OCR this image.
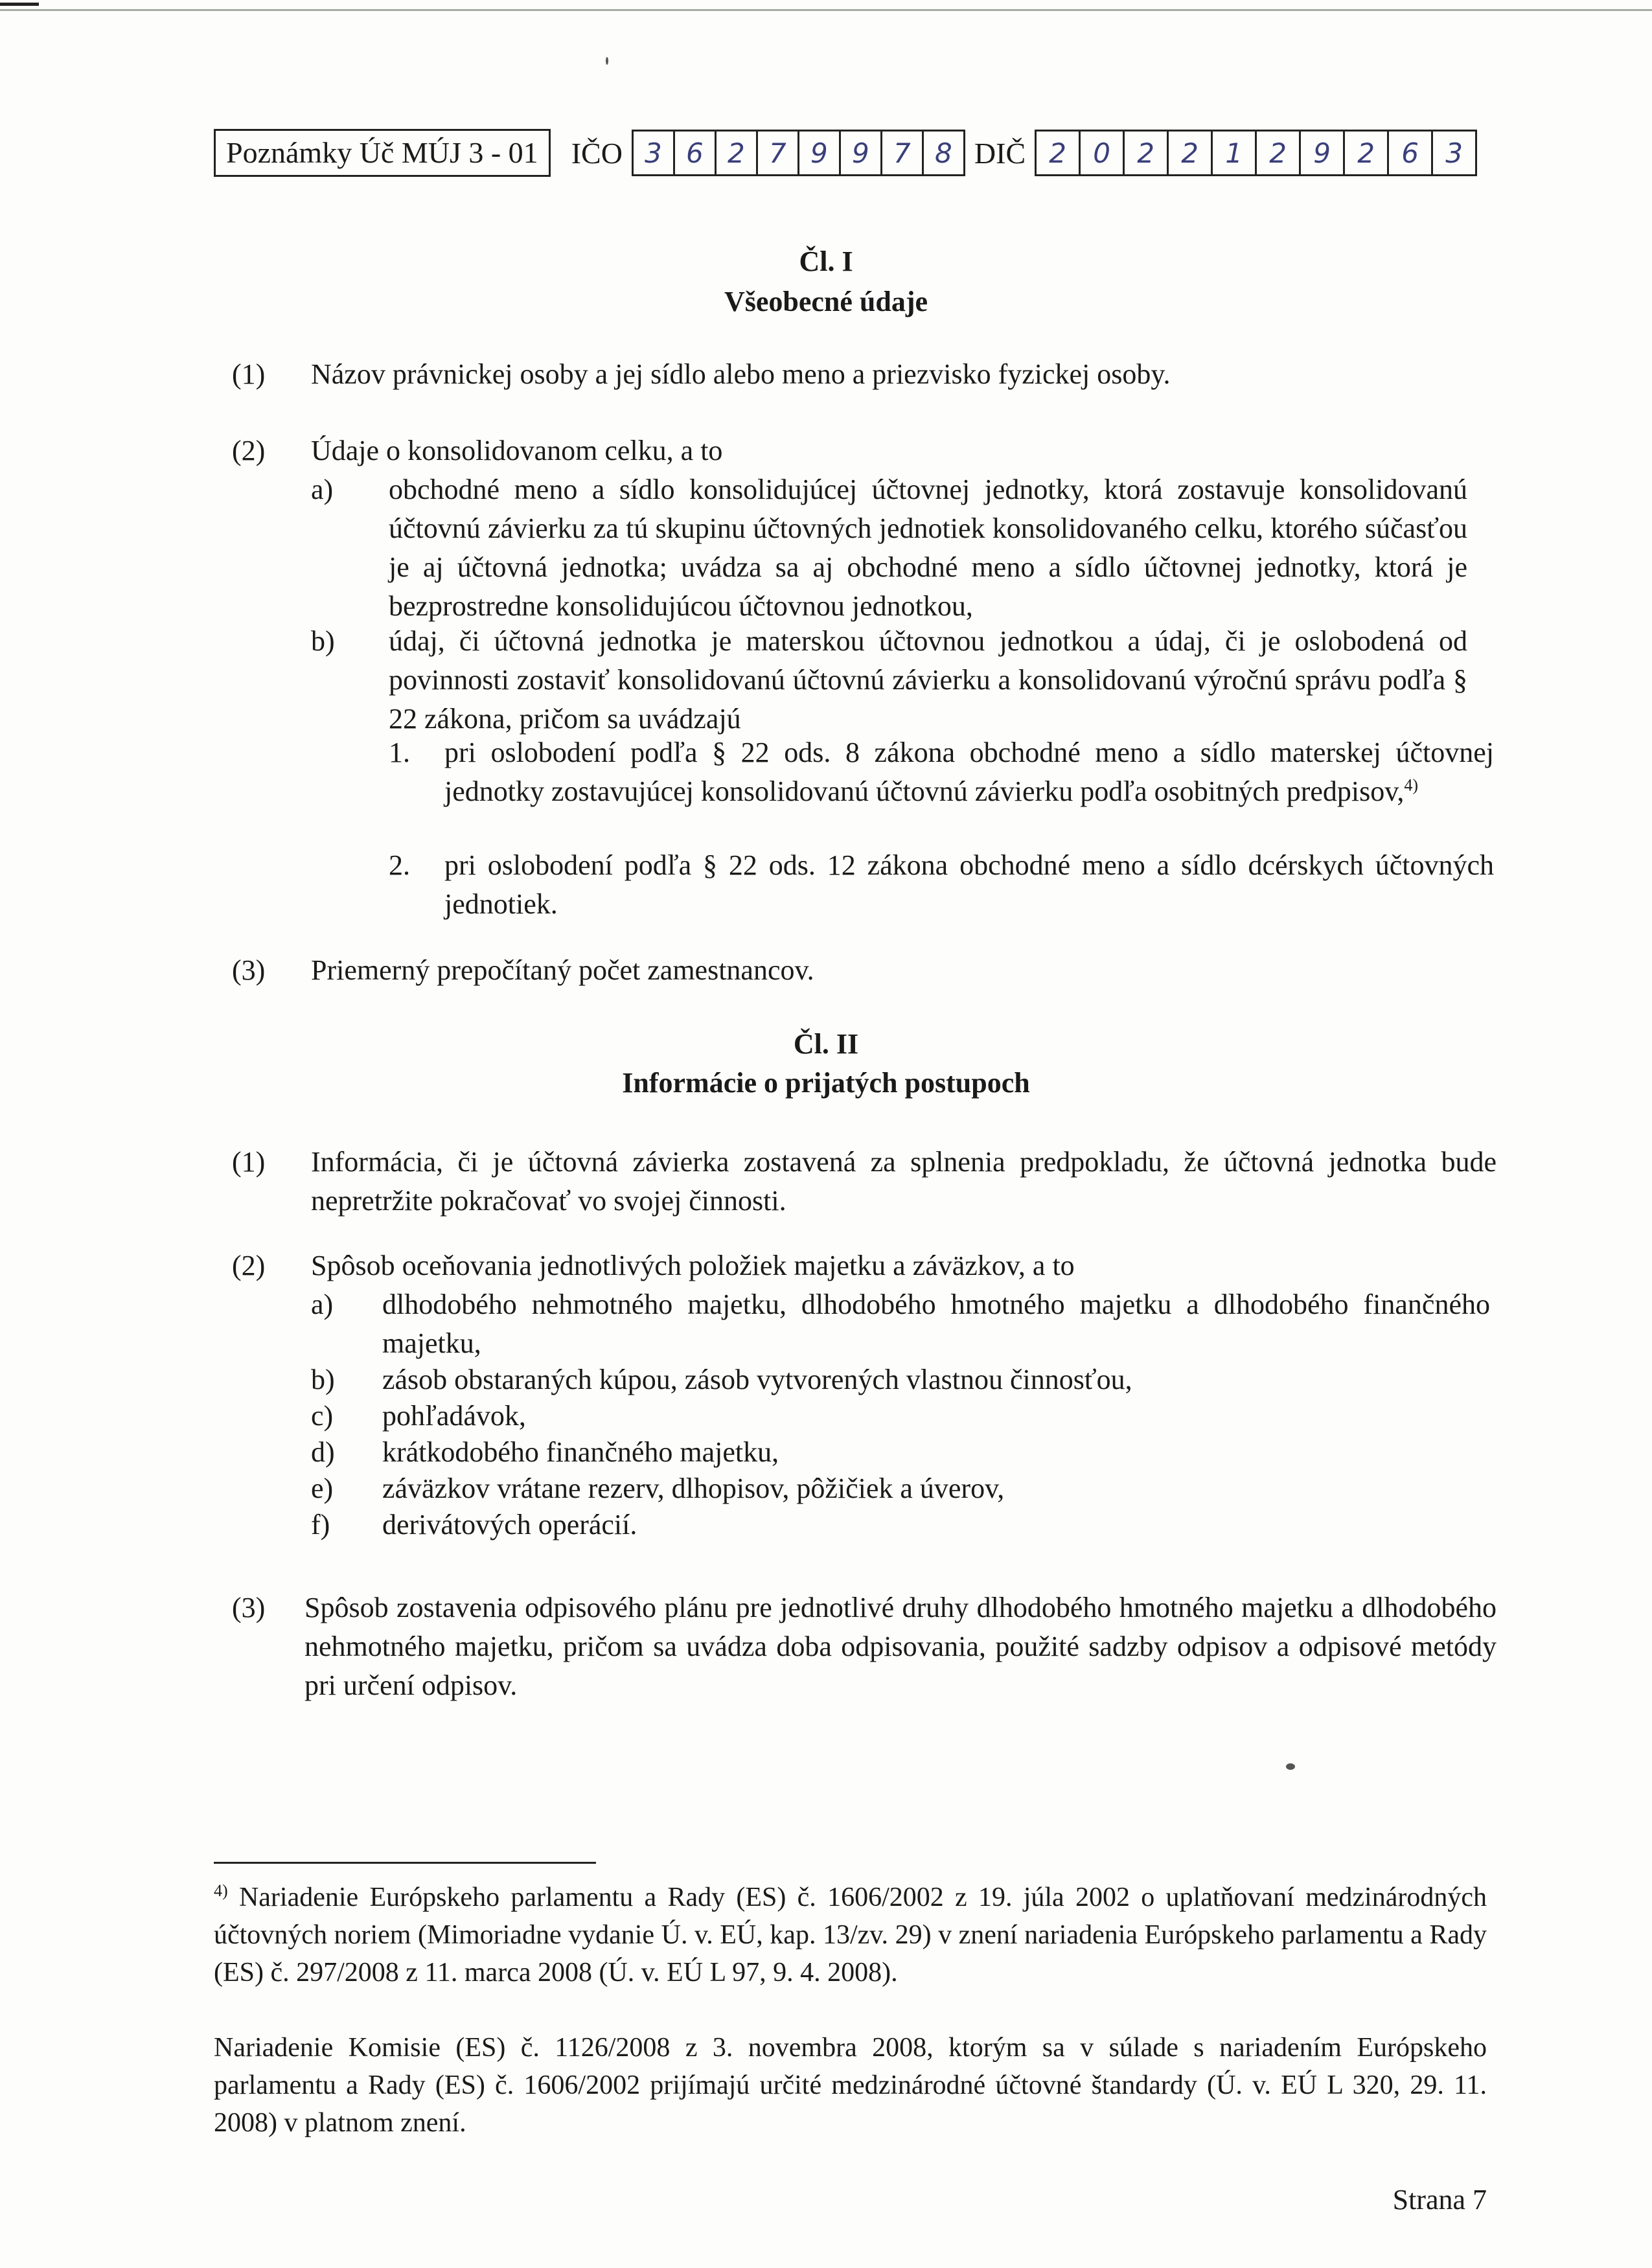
Poznámky Úč MÚJ 3 - 01	IČO 3 6 2 7 9 9 7 8 DIČ 2 0 2 2 1 2 9 2 6 3
Čl. I
Všeobecné údaje
(1) Názov právnickej osoby a jej sídlo alebo meno a priezvisko fyzickej osoby.
(2) Údaje o konsolidovanom celku, a to
a) obchodné meno a sídlo konsolidujúcej účtovnej jednotky, ktorá zostavuje konsolidovanú účtovnú závierku za tú skupinu účtovných jednotiek konsolidovaného celku, ktorého súčasťou je aj účtovná jednotka; uvádza sa aj obchodné meno a sídlo účtovnej jednotky, ktorá je bezprostredne konsolidujúcou účtovnou jednotkou,
b) údaj, či účtovná jednotka je materskou účtovnou jednotkou a údaj, či je oslobodená od povinnosti zostaviť konsolidovanú účtovnú závierku a konsolidovanú výročnú správu podľa § 22 zákona, pričom sa uvádzajú
1. pri oslobodení podľa § 22 ods. 8 zákona obchodné meno a sídlo materskej účtovnej jednotky zostavujúcej konsolidovanú účtovnú závierku podľa osobitných predpisov,$^{4)}$
2. pri oslobodení podľa § 22 ods. 12 zákona obchodné meno a sídlo dcérskych účtovných jednotiek.
(3) Priemerný prepočítaný počet zamestnancov.
Čl. II
Informácie o prijatých postupoch
(1) Informácia, či je účtovná závierka zostavená za splnenia predpokladu, že účtovná jednotka bude nepretržite pokračovať vo svojej činnosti.
(2) Spôsob oceňovania jednotlivých položiek majetku a záväzkov, a to
a) dlhodobého nehmotného majetku, dlhodobého hmotného majetku a dlhodobého finančného majetku,
b) zásob obstaraných kúpou, zásob vytvorených vlastnou činnosťou,
c) pohľadávok,
d) krátkodobého finančného majetku,
e) záväzkov vrátane rezerv, dlhopisov, pôžičiek a úverov,
f) derivátových operácií.
(3) Spôsob zostavenia odpisového plánu pre jednotlivé druhy dlhodobého hmotného majetku a dlhodobého nehmotného majetku, pričom sa uvádza doba odpisovania, použité sadzby odpisov a odpisové metódy pri určení odpisov.
$^{4)}$ Nariadenie Európskeho parlamentu a Rady (ES) č. 1606/2002 z 19. júla 2002 o uplatňovaní medzinárodných účtovných noriem (Mimoriadne vydanie Ú. v. EÚ, kap. 13/zv. 29) v znení nariadenia Európskeho parlamentu a Rady (ES) č. 297/2008 z 11. marca 2008 (Ú. v. EÚ L 97, 9. 4. 2008).
Nariadenie Komisie (ES) č. 1126/2008 z 3. novembra 2008, ktorým sa v súlade s nariadením Európskeho parlamentu a Rady (ES) č. 1606/2002 prijímajú určité medzinárodné účtovné štandardy (Ú. v. EÚ L 320, 29. 11. 2008) v platnom znení.
Strana 7
